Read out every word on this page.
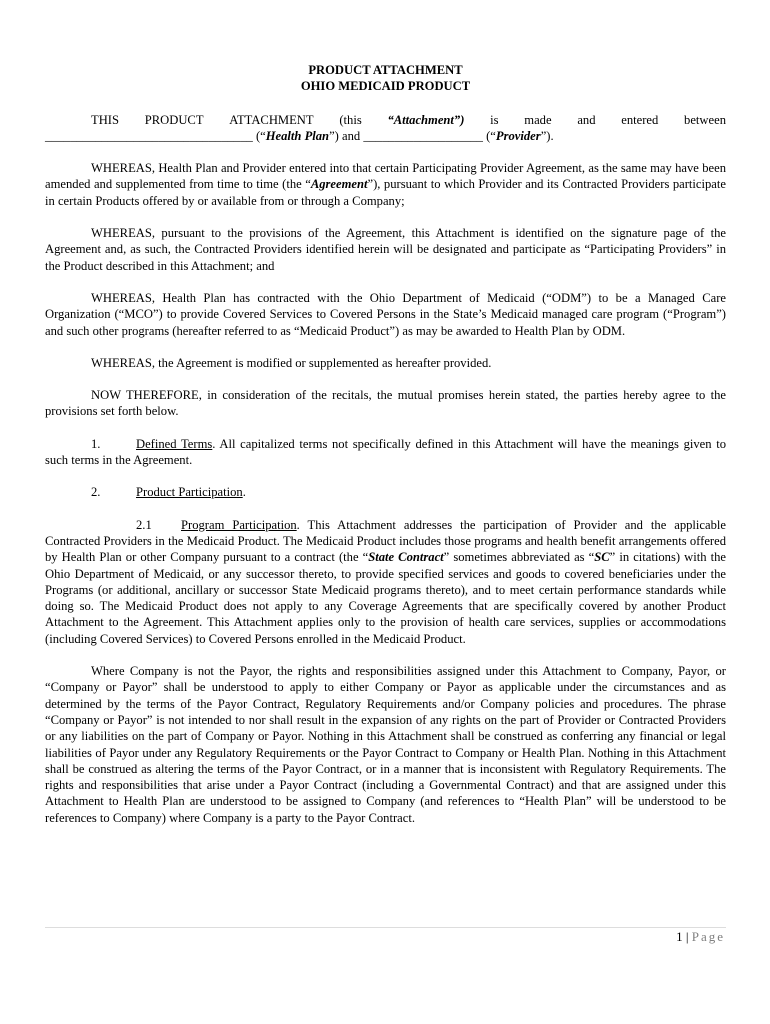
PRODUCT ATTACHMENT

OHIO MEDICAID PRODUCT

THIS PRODUCT ATTACHMENT (this “Attachment”) is made and entered between

_________________________________ (“Health Plan”) and ___________________ (“Provider”).

WHEREAS, Health Plan and Provider entered into that certain Participating Provider Agreement, as the same may have been amended and supplemented from time to time (the “Agreement”), pursuant to which Provider and its Contracted Providers participate in certain Products offered by or available from or through a Company;

WHEREAS, pursuant to the provisions of the Agreement, this Attachment is identified on the signature page of the Agreement and, as such, the Contracted Providers identified herein will be designated and participate as “Participating Providers” in the Product described in this Attachment; and

WHEREAS, Health Plan has contracted with the Ohio Department of Medicaid (“ODM”) to be a Managed Care Organization (“MCO”) to provide Covered Services to Covered Persons in the State’s Medicaid managed care program (“Program”) and such other programs (hereafter referred to as “Medicaid Product”) as may be awarded to Health Plan by ODM.

WHEREAS, the Agreement is modified or supplemented as hereafter provided.

NOW THEREFORE, in consideration of the recitals, the mutual promises herein stated, the parties hereby agree to the provisions set forth below.

1.	Defined Terms. All capitalized terms not specifically defined in this Attachment will have the meanings given to such terms in the Agreement.

2.	Product Participation.

2.1 Program Participation. This Attachment addresses the participation of Provider and the applicable Contracted Providers in the Medicaid Product. The Medicaid Product includes those programs and health benefit arrangements offered by Health Plan or other Company pursuant to a contract (the “State Contract” sometimes abbreviated as “SC” in citations) with the Ohio Department of Medicaid, or any successor thereto, to provide specified services and goods to covered beneficiaries under the Programs (or additional, ancillary or successor State Medicaid programs thereto), and to meet certain performance standards while doing so. The Medicaid Product does not apply to any Coverage Agreements that are specifically covered by another Product Attachment to the Agreement. This Attachment applies only to the provision of health care services, supplies or accommodations (including Covered Services) to Covered Persons enrolled in the Medicaid Product.

Where Company is not the Payor, the rights and responsibilities assigned under this Attachment to Company, Payor, or “Company or Payor” shall be understood to apply to either Company or Payor as applicable under the circumstances and as determined by the terms of the Payor Contract, Regulatory Requirements and/or Company policies and procedures. The phrase “Company or Payor” is not intended to nor shall result in the expansion of any rights on the part of Provider or Contracted Providers or any liabilities on the part of Company or Payor. Nothing in this Attachment shall be construed as conferring any financial or legal liabilities of Payor under any Regulatory Requirements or the Payor Contract to Company or Health Plan. Nothing in this Attachment shall be construed as altering the terms of the Payor Contract, or in a manner that is inconsistent with Regulatory Requirements. The rights and responsibilities that arise under a Payor Contract (including a Governmental Contract) and that are assigned under this Attachment to Health Plan are understood to be assigned to Company (and references to “Health Plan” will be understood to be references to Company) where Company is a party to the Payor Contract.

1 | Page
